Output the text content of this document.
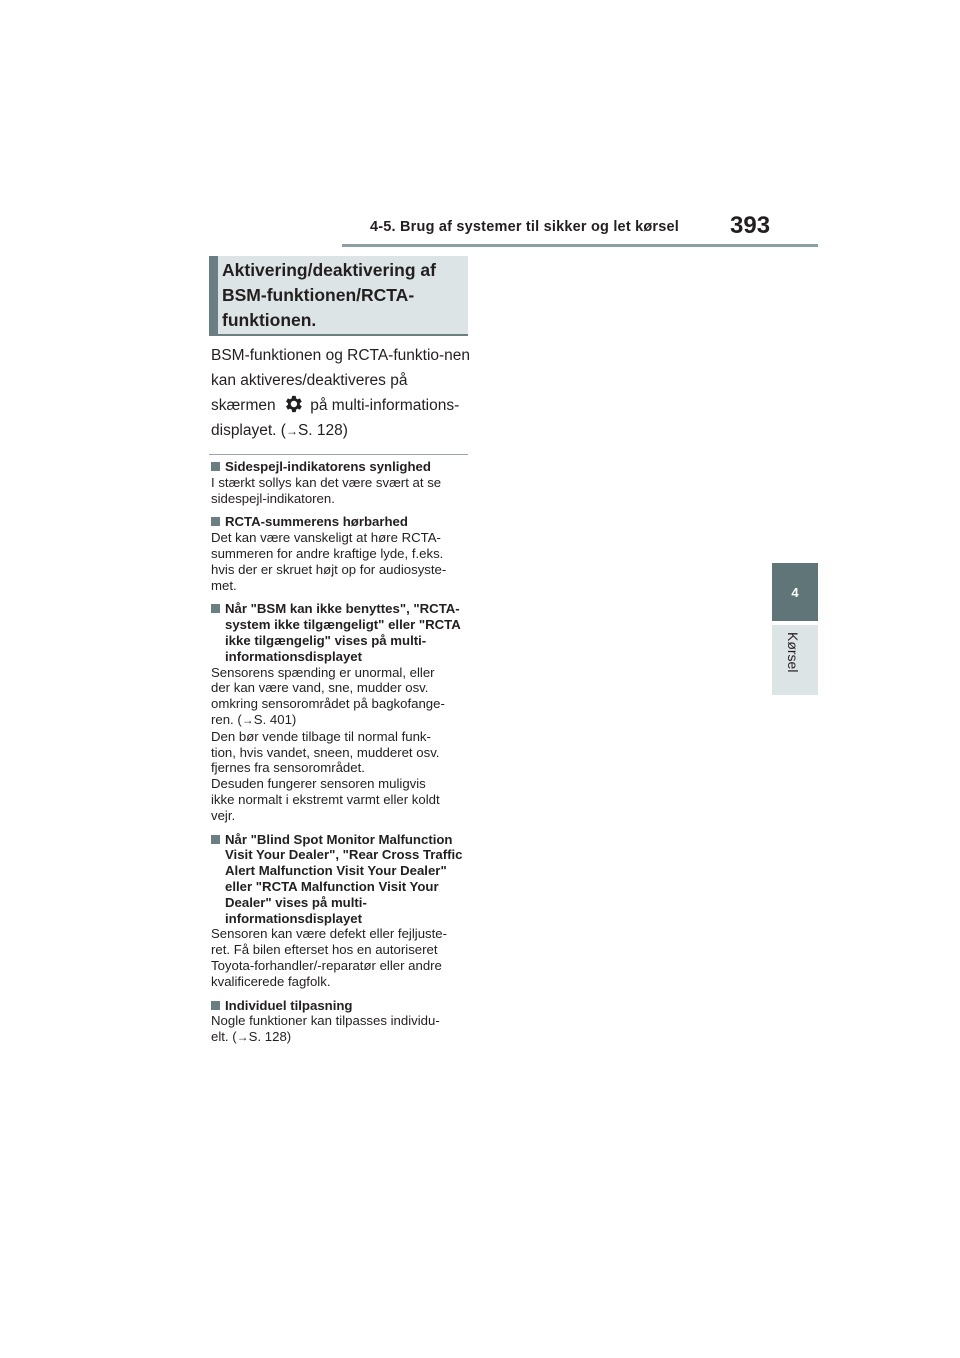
4-5. Brug af systemer til sikker og let kørsel	393
4
Kørsel
Aktivering/deaktivering af BSM-funktionen/RCTA-funktionen.
BSM-funktionen og RCTA-funktio-nen kan aktiveres/deaktiveres på skærmen på multi-informations-displayet. (→S. 128)
Sidespejl-indikatorens synlighed
I stærkt sollys kan det være svært at se
sidespejl-indikatoren.
RCTA-summerens hørbarhed
Det kan være vanskeligt at høre RCTA-
summeren for andre kraftige lyde, f.eks.
hvis der er skruet højt op for audiosyste-
met.
Når "BSM kan ikke benyttes", "RCTA-system ikke tilgængeligt" eller "RCTA ikke tilgængelig" vises på multi-informationsdisplayet
Sensorens spænding er unormal, eller
der kan være vand, sne, mudder osv.
omkring sensorområdet på bagkofange-
ren. (→S. 401)
Den bør vende tilbage til normal funk-
tion, hvis vandet, sneen, mudderet osv.
fjernes fra sensorområdet.
Desuden fungerer sensoren muligvis
ikke normalt i ekstremt varmt eller koldt
vejr.
Når "Blind Spot Monitor Malfunction Visit Your Dealer", "Rear Cross Traffic Alert Malfunction Visit Your Dealer" eller "RCTA Malfunction Visit Your Dealer" vises på multi-informationsdisplayet
Sensoren kan være defekt eller fejljuste-
ret. Få bilen efterset hos en autoriseret
Toyota-forhandler/-reparatør eller andre
kvalificerede fagfolk.
Individuel tilpasning
Nogle funktioner kan tilpasses individu-
elt. (→S. 128)
